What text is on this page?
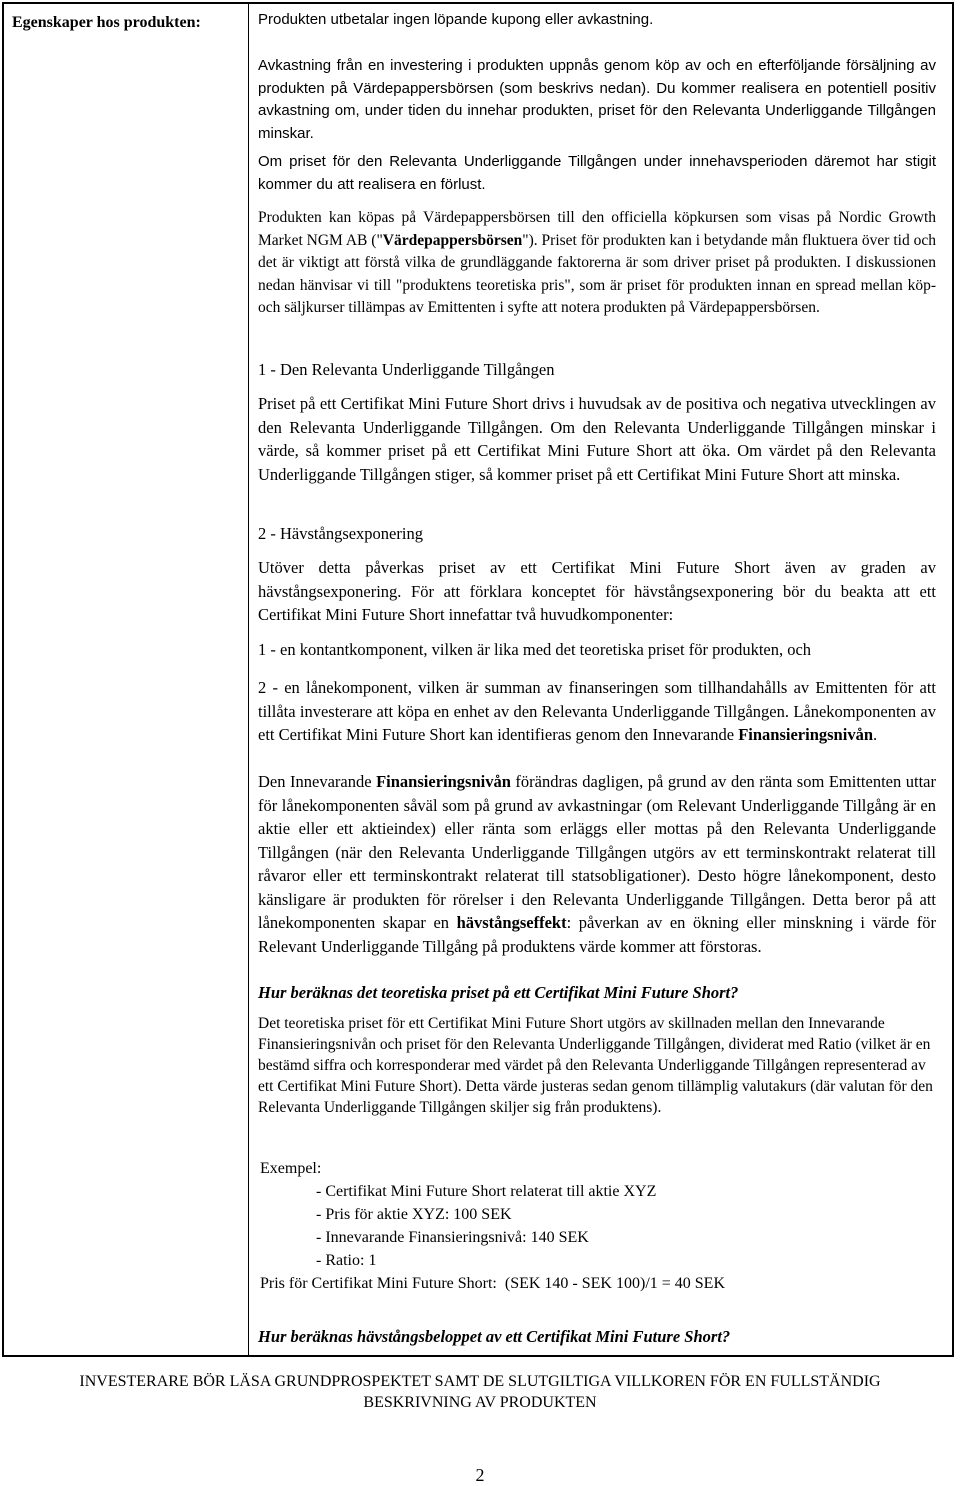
Egenskaper hos produkten:	Produkten utbetalar ingen löpande kupong eller avkastning.
Avkastning från en investering i produkten uppnås genom köp av och en efterföljande försäljning av produkten på Värdepappersbörsen (som beskrivs nedan). Du kommer realisera en potentiell positiv avkastning om, under tiden du innehar produkten, priset för den Relevanta Underliggande Tillgången minskar.
Om priset för den Relevanta Underliggande Tillgången under innehavsperioden däremot har stigit kommer du att realisera en förlust.
Produkten kan köpas på Värdepappersbörsen till den officiella köpkursen som visas på Nordic Growth Market NGM AB ("Värdepappersbörsen"). Priset för produkten kan i betydande mån fluktuera över tid och det är viktigt att förstå vilka de grundläggande faktorerna är som driver priset på produkten. I diskussionen nedan hänvisar vi till "produktens teoretiska pris", som är priset för produkten innan en spread mellan köp- och säljkurser tillämpas av Emittenten i syfte att notera produkten på Värdepappersbörsen.
1 - Den Relevanta Underliggande Tillgången
Priset på ett Certifikat Mini Future Short drivs i huvudsak av de positiva och negativa utvecklingen av den Relevanta Underliggande Tillgången. Om den Relevanta Underliggande Tillgången minskar i värde, så kommer priset på ett Certifikat Mini Future Short att öka. Om värdet på den Relevanta Underliggande Tillgången stiger, så kommer priset på ett Certifikat Mini Future Short att minska.
2 - Hävstångsexponering
Utöver detta påverkas priset av ett Certifikat Mini Future Short även av graden av hävstångsexponering. För att förklara konceptet för hävstångsexponering bör du beakta att ett Certifikat Mini Future Short innefattar två huvudkomponenter:
1 - en kontantkomponent, vilken är lika med det teoretiska priset för produkten, och
2 - en lånekomponent, vilken är summan av finanseringen som tillhandahålls av Emittenten för att tillåta investerare att köpa en enhet av den Relevanta Underliggande Tillgången. Lånekomponenten av ett Certifikat Mini Future Short kan identifieras genom den Innevarande Finansieringsnivån.
Den Innevarande Finansieringsnivån förändras dagligen, på grund av den ränta som Emittenten uttar för lånekomponenten såväl som på grund av avkastningar (om Relevant Underliggande Tillgång är en aktie eller ett aktieindex) eller ränta som erläggs eller mottas på den Relevanta Underliggande Tillgången (när den Relevanta Underliggande Tillgången utgörs av ett terminskontrakt relaterat till råvaror eller ett terminskontrakt relaterat till statsobligationer). Desto högre lånekomponent, desto känsligare är produkten för rörelser i den Relevanta Underliggande Tillgången. Detta beror på att lånekomponenten skapar en hävstångseffekt: påverkan av en ökning eller minskning i värde för Relevant Underliggande Tillgång på produktens värde kommer att förstoras.
Hur beräknas det teoretiska priset på ett Certifikat Mini Future Short?
Det teoretiska priset för ett Certifikat Mini Future Short utgörs av skillnaden mellan den Innevarande Finansieringsnivån och priset för den Relevanta Underliggande Tillgången, dividerat med Ratio (vilket är en bestämd siffra och korresponderar med värdet på den Relevanta Underliggande Tillgången representerad av ett Certifikat Mini Future Short). Detta värde justeras sedan genom tillämplig valutakurs (där valutan för den Relevanta Underliggande Tillgången skiljer sig från produktens).
Exempel:
- Certifikat Mini Future Short relaterat till aktie XYZ
- Pris för aktie XYZ: 100 SEK
- Innevarande Finansieringsnivå: 140 SEK
- Ratio: 1
Pris för Certifikat Mini Future Short:  (SEK 140 - SEK 100)/1 = 40 SEK
Hur beräknas hävstångsbeloppet av ett Certifikat Mini Future Short?
INVESTERARE BÖR LÄSA GRUNDPROSPEKTET SAMT DE SLUTGILTIGA VILLKOREN FÖR EN FULLSTÄNDIG
BESKRIVNING AV PRODUKTEN
2
